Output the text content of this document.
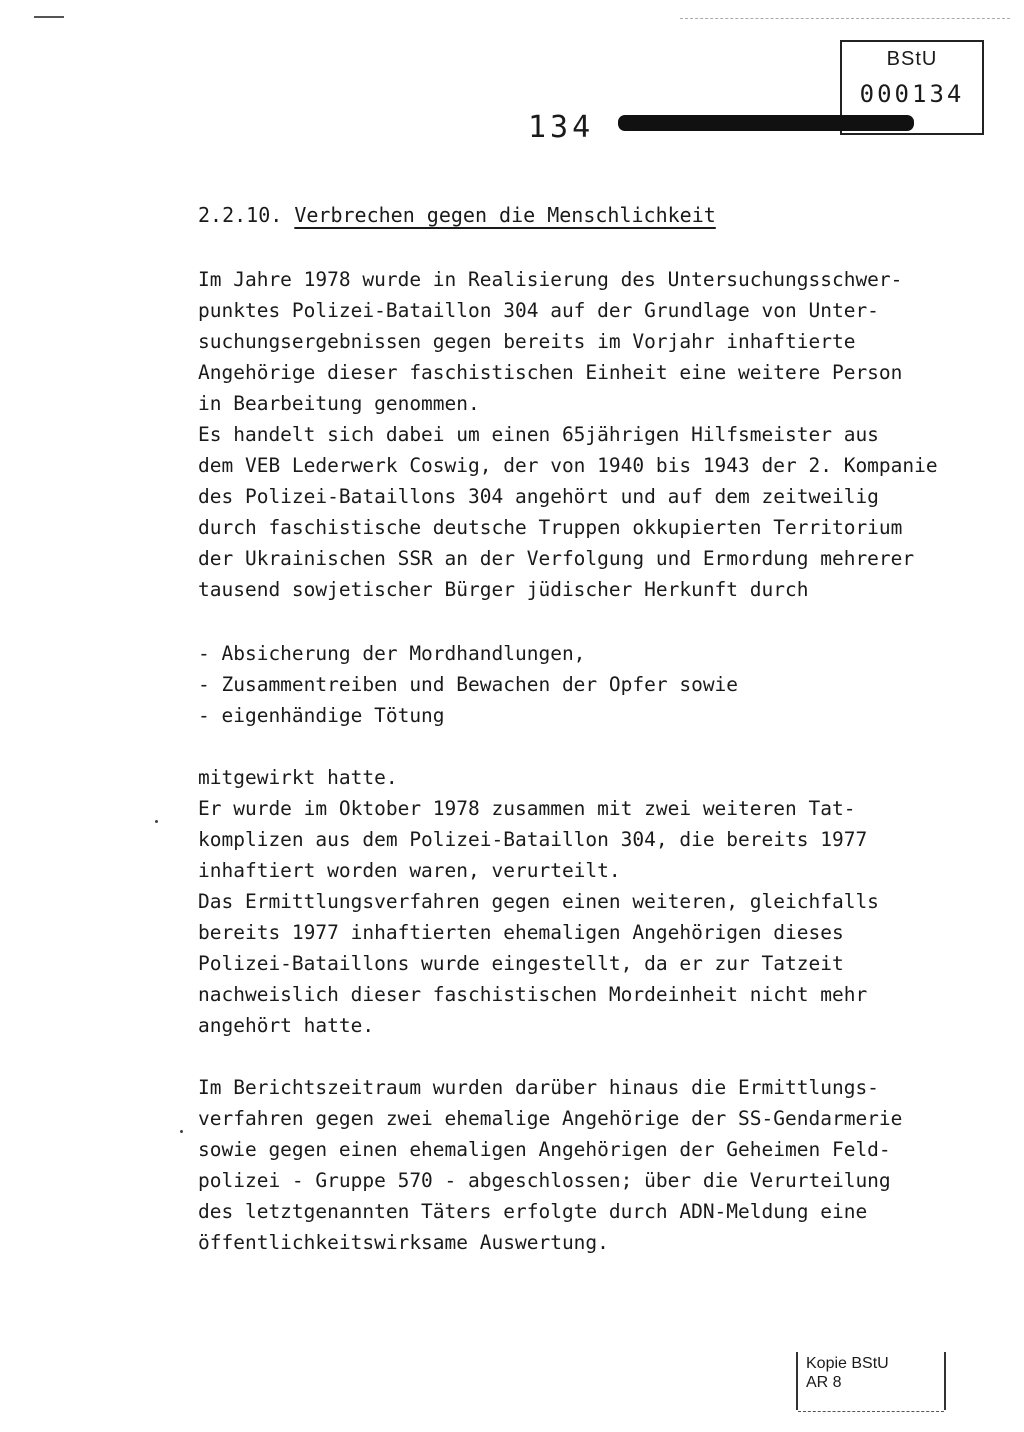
BStU
000134
134
2.2.10. Verbrechen gegen die Menschlichkeit
Im Jahre 1978 wurde in Realisierung des Untersuchungsschwer-
punktes Polizei-Bataillon 304 auf der Grundlage von Unter-
suchungsergebnissen gegen bereits im Vorjahr inhaftierte
Angehörige dieser faschistischen Einheit eine weitere Person
in Bearbeitung genommen.
Es handelt sich dabei um einen 65jährigen Hilfsmeister aus
dem VEB Lederwerk Coswig, der von 1940 bis 1943 der 2. Kompanie
des Polizei-Bataillons 304 angehört und auf dem zeitweilig
durch faschistische deutsche Truppen okkupierten Territorium
der Ukrainischen SSR an der Verfolgung und Ermordung mehrerer
tausend sowjetischer Bürger jüdischer Herkunft durch
- Absicherung der Mordhandlungen,
- Zusammentreiben und Bewachen der Opfer sowie
- eigenhändige Tötung
mitgewirkt hatte.
Er wurde im Oktober 1978 zusammen mit zwei weiteren Tat-
komplizen aus dem Polizei-Bataillon 304, die bereits 1977
inhaftiert worden waren, verurteilt.
Das Ermittlungsverfahren gegen einen weiteren, gleichfalls
bereits 1977 inhaftierten ehemaligen Angehörigen dieses
Polizei-Bataillons wurde eingestellt, da er zur Tatzeit
nachweislich dieser faschistischen Mordeinheit nicht mehr
angehört hatte.
Im Berichtszeitraum wurden darüber hinaus die Ermittlungs-
verfahren gegen zwei ehemalige Angehörige der SS-Gendarmerie
sowie gegen einen ehemaligen Angehörigen der Geheimen Feld-
polizei - Gruppe 570 - abgeschlossen; über die Verurteilung
des letztgenannten Täters erfolgte durch ADN-Meldung eine
öffentlichkeitswirksame Auswertung.
Kopie BStU
AR 8
